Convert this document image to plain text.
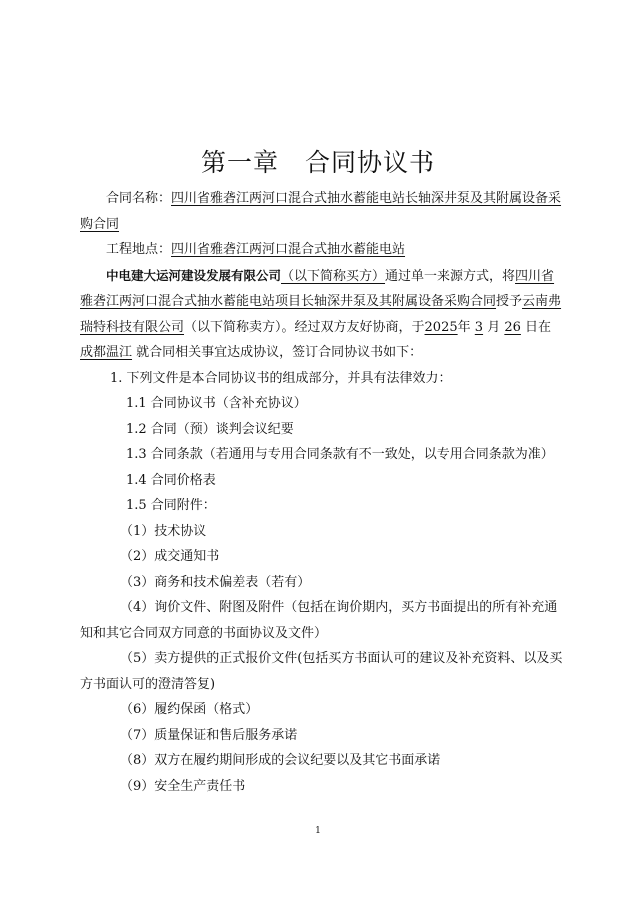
第一章　合同协议书

合同名称：四川省雅砻江两河口混合式抽水蓄能电站长轴深井泵及其附属设备采购合同

工程地点：四川省雅砻江两河口混合式抽水蓄能电站

中电建大运河建设发展有限公司（以下简称买方）通过单一来源方式，将四川省雅砻江两河口混合式抽水蓄能电站项目长轴深井泵及其附属设备采购合同授予云南弗瑞特科技有限公司（以下简称卖方）。经过双方友好协商，于2025年 3 月 26 日在 成都温江 就合同相关事宜达成协议，签订合同协议书如下：

1. 下列文件是本合同协议书的组成部分，并具有法律效力：

1.1 合同协议书（含补充协议）

1.2 合同（预）谈判会议纪要

1.3 合同条款（若通用与专用合同条款有不一致处，以专用合同条款为准）

1.4 合同价格表

1.5 合同附件：

（1）技术协议

（2）成交通知书

（3）商务和技术偏差表（若有）

（4）询价文件、附图及附件（包括在询价期内，买方书面提出的所有补充通知和其它合同双方同意的书面协议及文件）

（5）卖方提供的正式报价文件(包括买方书面认可的建议及补充资料、以及买方书面认可的澄清答复)

（6）履约保函（格式）

（7）质量保证和售后服务承诺

（8）双方在履约期间形成的会议纪要以及其它书面承诺

（9）安全生产责任书

1
